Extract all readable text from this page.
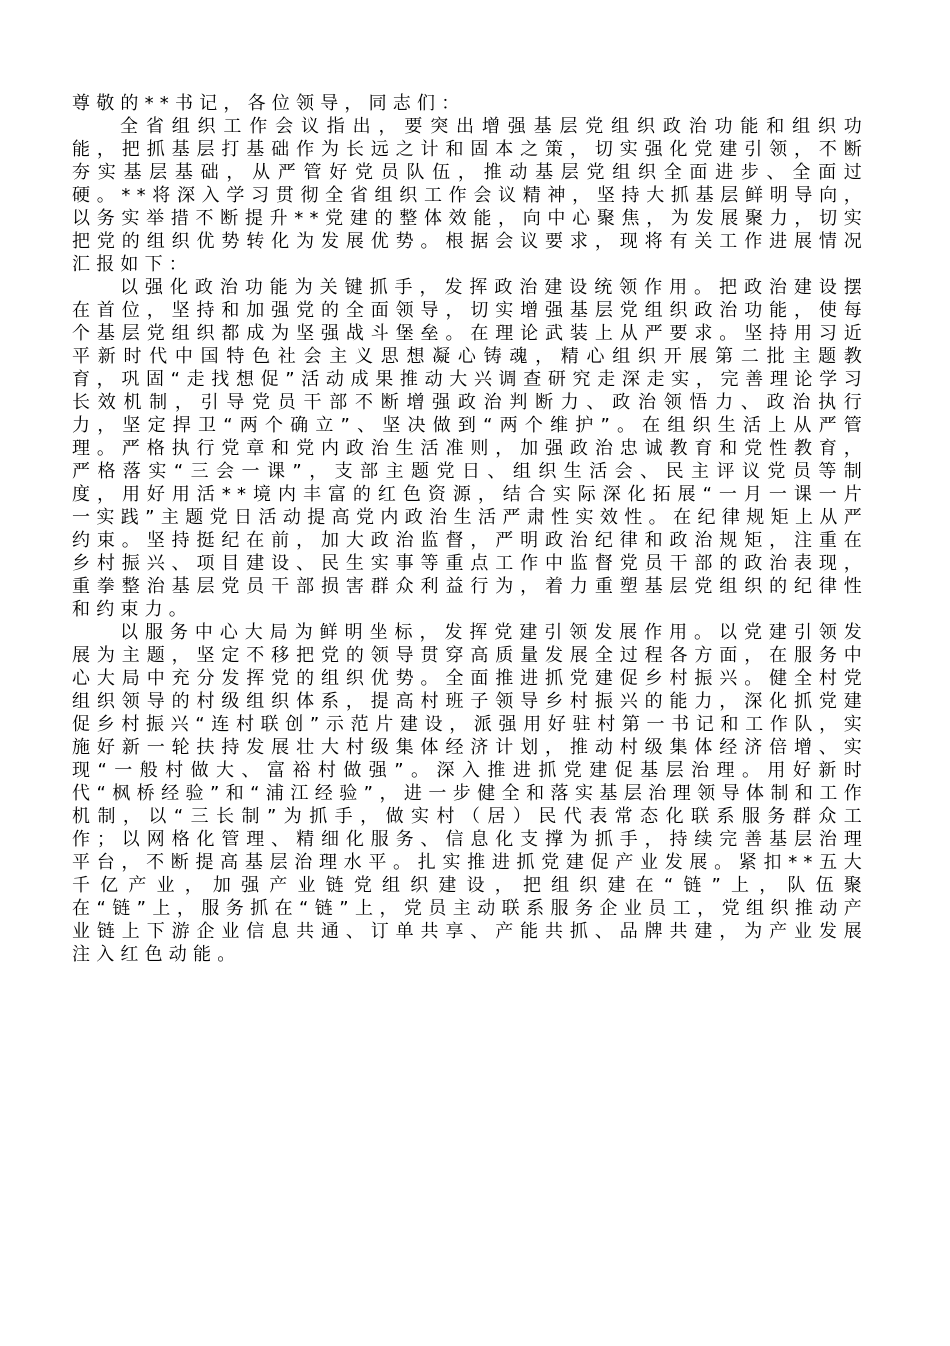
尊敬的**书记，各位领导，同志们：

全省组织工作会议指出，要突出增强基层党组织政治功能和组织功能，把抓基层打基础作为长远之计和固本之策，切实强化党建引领，不断夯实基层基础，从严管好党员队伍，推动基层党组织全面进步、全面过硬。**将深入学习贯彻全省组织工作会议精神，坚持大抓基层鲜明导向，以务实举措不断提升**党建的整体效能，向中心聚焦，为发展聚力，切实把党的组织优势转化为发展优势。根据会议要求，现将有关工作进展情况汇报如下：

以强化政治功能为关键抓手，发挥政治建设统领作用。把政治建设摆在首位，坚持和加强党的全面领导，切实增强基层党组织政治功能，使每个基层党组织都成为坚强战斗堡垒。在理论武装上从严要求。坚持用习近平新时代中国特色社会主义思想凝心铸魂，精心组织开展第二批主题教育，巩固“走找想促”活动成果推动大兴调查研究走深走实，完善理论学习长效机制，引导党员干部不断增强政治判断力、政治领悟力、政治执行力，坚定捍卫“两个确立”、坚决做到“两个维护”。在组织生活上从严管理。严格执行党章和党内政治生活准则，加强政治忠诚教育和党性教育，严格落实“三会一课”，支部主题党日、组织生活会、民主评议党员等制度，用好用活**境内丰富的红色资源，结合实际深化拓展“一月一课一片一实践”主题党日活动提高党内政治生活严肃性实效性。在纪律规矩上从严约束。坚持挺纪在前，加大政治监督，严明政治纪律和政治规矩，注重在乡村振兴、项目建设、民生实事等重点工作中监督党员干部的政治表现，重拳整治基层党员干部损害群众利益行为，着力重塑基层党组织的纪律性和约束力。

以服务中心大局为鲜明坐标，发挥党建引领发展作用。以党建引领发展为主题，坚定不移把党的领导贯穿高质量发展全过程各方面，在服务中心大局中充分发挥党的组织优势。全面推进抓党建促乡村振兴。健全村党组织领导的村级组织体系，提高村班子领导乡村振兴的能力，深化抓党建促乡村振兴“连村联创”示范片建设，派强用好驻村第一书记和工作队，实施好新一轮扶持发展壮大村级集体经济计划，推动村级集体经济倍增、实现“一般村做大、富裕村做强”。深入推进抓党建促基层治理。用好新时代“枫桥经验”和“浦江经验”，进一步健全和落实基层治理领导体制和工作机制，以“三长制”为抓手，做实村（居）民代表常态化联系服务群众工作；以网格化管理、精细化服务、信息化支撑为抓手，持续完善基层治理平台，不断提高基层治理水平。扎实推进抓党建促产业发展。紧扣**五大千亿产业，加强产业链党组织建设，把组织建在“链”上，队伍聚在“链”上，服务抓在“链”上，党员主动联系服务企业员工，党组织推动产业链上下游企业信息共通、订单共享、产能共抓、品牌共建，为产业发展注入红色动能。
